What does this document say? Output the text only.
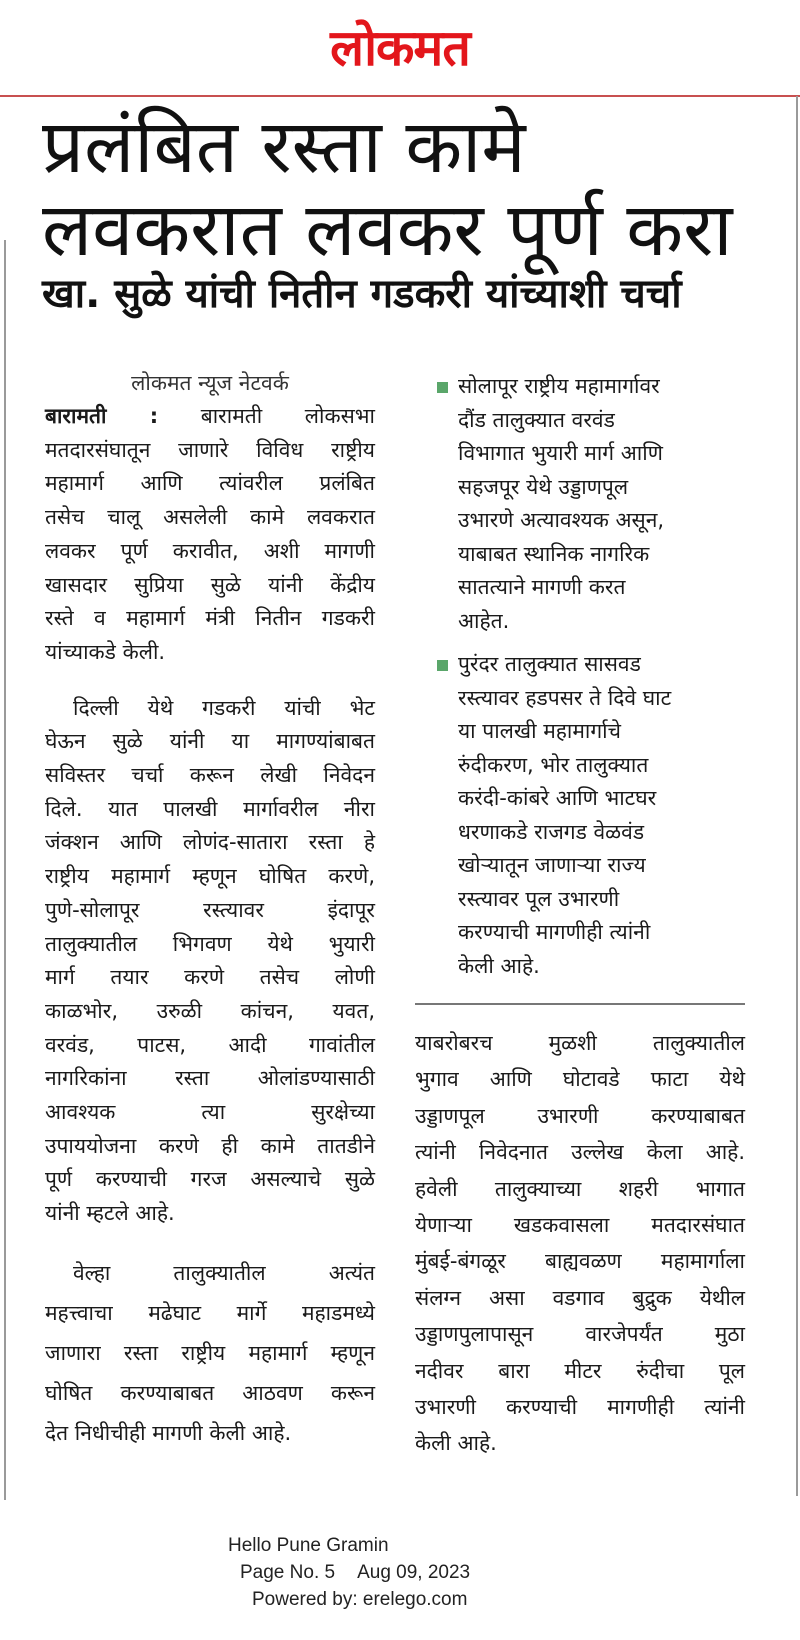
लोकमत
प्रलंबित रस्ता कामे
लवकरात लवकर पूर्ण करा
खा. सुळे यांची नितीन गडकरी यांच्याशी चर्चा
लोकमत न्यूज नेटवर्क
बारामती : बारामती लोकसभा
मतदारसंघातून जाणारे विविध राष्ट्रीय
महामार्ग आणि त्यांवरील प्रलंबित
तसेच चालू असलेली कामे लवकरात
लवकर पूर्ण करावीत, अशी मागणी
खासदार सुप्रिया सुळे यांनी केंद्रीय
रस्ते व महामार्ग मंत्री नितीन गडकरी
यांच्याकडे केली.
दिल्ली येथे गडकरी यांची भेट
घेऊन सुळे यांनी या मागण्यांबाबत
सविस्तर चर्चा करून लेखी निवेदन
दिले. यात पालखी मार्गावरील नीरा
जंक्शन आणि लोणंद-सातारा रस्ता हे
राष्ट्रीय महामार्ग म्हणून घोषित करणे,
पुणे-सोलापूर रस्त्यावर इंदापूर
तालुक्यातील भिगवण येथे भुयारी
मार्ग तयार करणे तसेच लोणी
काळभोर, उरुळी कांचन, यवत,
वरवंड, पाटस, आदी गावांतील
नागरिकांना रस्ता ओलांडण्यासाठी
आवश्यक त्या सुरक्षेच्या
उपाययोजना करणे ही कामे तातडीने
पूर्ण करण्याची गरज असल्याचे सुळे
यांनी म्हटले आहे.
वेल्हा तालुक्यातील अत्यंत
महत्त्वाचा मढेघाट मार्गे महाडमध्ये
जाणारा रस्ता राष्ट्रीय महामार्ग म्हणून
घोषित करण्याबाबत आठवण करून
देत निधीचीही मागणी केली आहे.
सोलापूर राष्ट्रीय महामार्गावर
दौंड तालुक्यात वरवंड
विभागात भुयारी मार्ग आणि
सहजपूर येथे उड्डाणपूल
उभारणे अत्यावश्यक असून,
याबाबत स्थानिक नागरिक
सातत्याने मागणी करत
आहेत.
पुरंदर तालुक्यात सासवड
रस्त्यावर हडपसर ते दिवे घाट
या पालखी महामार्गाचे
रुंदीकरण, भोर तालुक्यात
करंदी-कांबरे आणि भाटघर
धरणाकडे राजगड वेळवंड
खोऱ्यातून जाणाऱ्या राज्य
रस्त्यावर पूल उभारणी
करण्याची मागणीही त्यांनी
केली आहे.
याबरोबरच मुळशी तालुक्यातील
भुगाव आणि घोटावडे फाटा येथे
उड्डाणपूल उभारणी करण्याबाबत
त्यांनी निवेदनात उल्लेख केला आहे.
हवेली तालुक्याच्या शहरी भागात
येणाऱ्या खडकवासला मतदारसंघात
मुंबई-बंगळूर बाह्यवळण महामार्गाला
संलग्न असा वडगाव बुद्रुक येथील
उड्डाणपुलापासून वारजेपर्यंत मुठा
नदीवर बारा मीटर रुंदीचा पूल
उभारणी करण्याची मागणीही त्यांनी
केली आहे.
Hello Pune Gramin
Page No. 5 Aug 09, 2023
Powered by: erelego.com
